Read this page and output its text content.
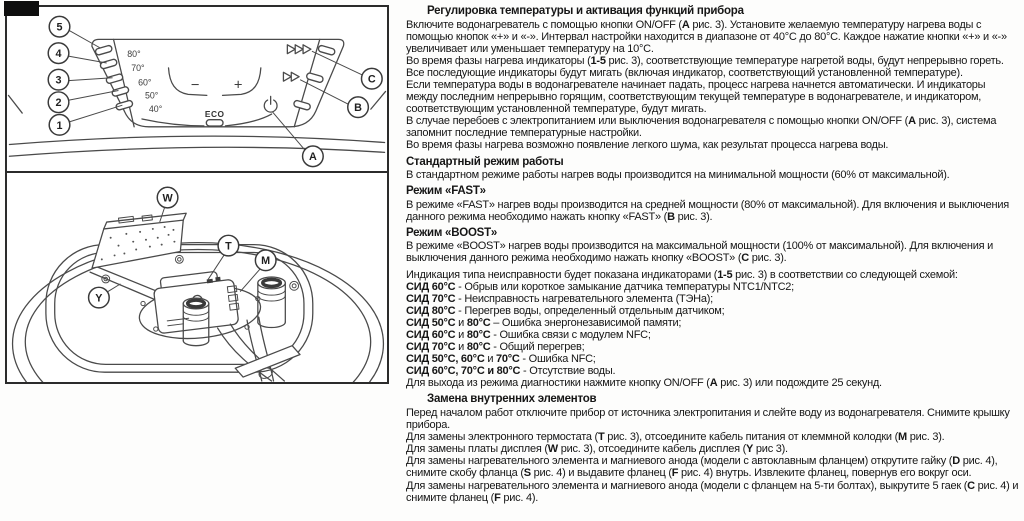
80°
70°
60°
50°
40°
− +
ECO
5
4
3
2
1
C
B
A
W
T
M
Y
Регулировка температуры и активация функций прибора
Включите водонагреватель с помощью кнопки ON/OFF (A рис. 3). Установите желаемую температуру нагрева воды с помощью кнопок «+» и «-». Интервал настройки находится в диапазоне от 40°C до 80°C. Каждое нажатие кнопки «+» и «-» увеличивает или уменьшает температуру на 10°C.
Во время фазы нагрева индикаторы (1-5 рис. 3), соответствующие температуре нагретой воды, будут непрерывно гореть. Все последующие индикаторы будут мигать (включая индикатор, соответствующий установленной температуре).
Если температура воды в водонагревателе начинает падать, процесс нагрева начнется автоматически. И индикаторы между последним непрерывно горящим, соответствующим текущей температуре в водонагревателе, и индикатором, соответствующим установленной температуре, будут мигать.
В случае перебоев с электропитанием или выключения водонагревателя с помощью кнопки ON/OFF (A рис. 3), система запомнит последние температурные настройки.
Во время фазы нагрева возможно появление легкого шума, как результат процесса нагрева воды.
Стандартный режим работы
В стандартном режиме работы нагрев воды производится на минимальной мощности (60% от максимальной).
Режим «FAST»
В режиме «FAST» нагрев воды производится на средней мощности (80% от максимальной). Для включения и выключения данного режима необходимо нажать кнопку «FAST» (B рис. 3).
Режим «BOOST»
В режиме «BOOST» нагрев воды производится на максимальной мощности (100% от максимальной). Для включения и выключения данного режима необходимо нажать кнопку «BOOST» (C рис. 3).
Индикация типа неисправности будет показана индикаторами (1-5 рис. 3) в соответствии со следующей схемой:
СИД 60°C - Обрыв или короткое замыкание датчика температуры NTC1/NTC2;
СИД 70°C - Неисправность нагревательного элемента (ТЭНа);
СИД 80°C - Перегрев воды, определенный отдельным датчиком;
СИД 50°C и 80°C – Ошибка энергонезависимой памяти;
СИД 60°C и 80°C - Ошибка связи с модулем NFC;
СИД 70°C и 80°C - Общий перегрев;
СИД 50°C, 60°C и 70°C - Ошибка NFC;
СИД 60°C, 70°C и 80°C - Отсутствие воды.
Для выхода из режима диагностики нажмите кнопку ON/OFF (A рис. 3) или подождите 25 секунд.
Замена внутренних элементов
Перед началом работ отключите прибор от источника электропитания и слейте воду из водонагревателя. Снимите крышку прибора.
Для замены электронного термостата (T рис. 3), отсоедините кабель питания от клеммной колодки (M рис. 3).
Для замены платы дисплея (W рис. 3), отсоедините кабель дисплея (Y рис 3).
Для замены нагревательного элемента и магниевого анода (модели с автоклавным фланцем) открутите гайку (D рис. 4), снимите скобу фланца (S рис. 4) и выдавите фланец (F рис. 4) внутрь. Извлеките фланец, повернув его вокруг оси.
Для замены нагревательного элемента и магниевого анода (модели с фланцем на 5-ти болтах), выкрутите 5 гаек (C рис. 4) и снимите фланец (F рис. 4).
